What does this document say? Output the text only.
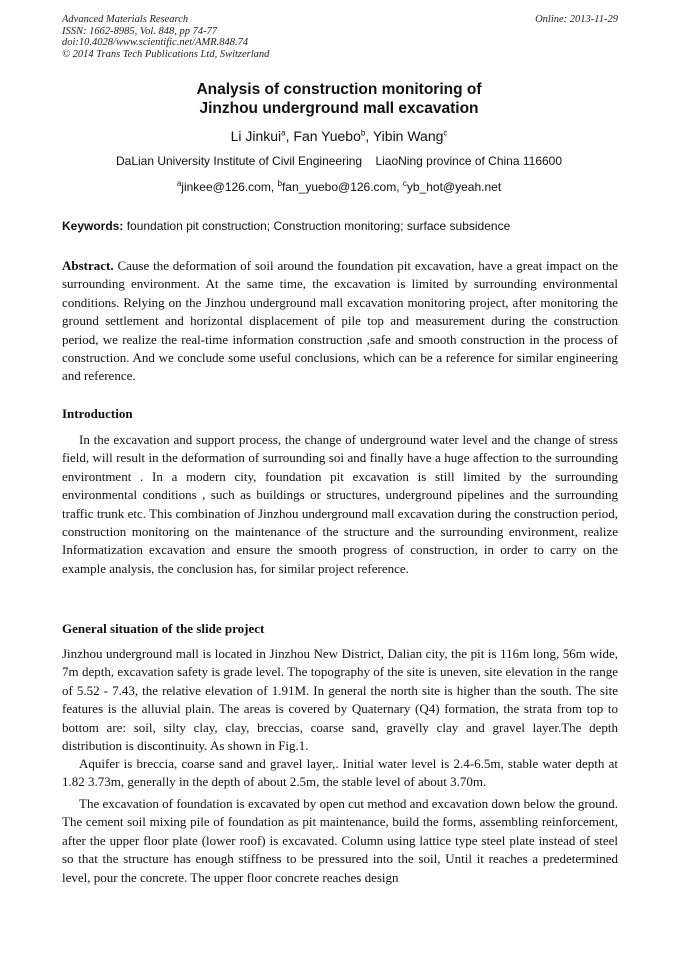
Advanced Materials Research
ISSN: 1662-8985, Vol. 848, pp 74-77
doi:10.4028/www.scientific.net/AMR.848.74
© 2014 Trans Tech Publications Ltd, Switzerland
Online: 2013-11-29
Analysis of construction monitoring of
Jinzhou underground mall excavation
Li Jinkui$^a$, Fan Yuebo$^b$, Yibin Wang$^c$
DaLian University Institute of Civil Engineering    LiaoNing province of China 116600
$^a$jinkee@126.com, $^b$fan_yuebo@126.com, $^c$yb_hot@yeah.net
Keywords: foundation pit construction; Construction monitoring; surface subsidence
Abstract. Cause the deformation of soil around the foundation pit excavation, have a great impact on the surrounding environment. At the same time, the excavation is limited by surrounding environmental conditions. Relying on the Jinzhou underground mall excavation monitoring project, after monitoring the ground settlement and horizontal displacement of pile top and measurement during the construction period, we realize the real-time information construction ,safe and smooth construction in the process of construction. And we conclude some useful conclusions, which can be a reference for similar engineering and reference.
Introduction
In the excavation and support process, the change of underground water level and the change of stress field, will result in the deformation of surrounding soi and finally have a huge affection to the surrounding environtment . In a modern city, foundation pit excavation is still limited by the surrounding environmental conditions , such as buildings or structures, underground pipelines and the surrounding traffic trunk etc. This combination of Jinzhou underground mall excavation during the construction period, construction monitoring on the maintenance of the structure and the surrounding environment, realize Informatization excavation and ensure the smooth progress of construction, in order to carry on the example analysis, the conclusion has, for similar project reference.
General situation of the slide project
Jinzhou underground mall is located in Jinzhou New District, Dalian city, the pit is 116m long, 56m wide, 7m depth, excavation safety is grade level. The topography of the site is uneven, site elevation in the range of 5.52 - 7.43, the relative elevation of 1.91M. In general the north site is higher than the south. The site features is the alluvial plain. The areas is covered by Quaternary (Q4) formation, the strata from top to bottom are: soil, silty clay, clay, breccias, coarse sand, gravelly clay and gravel layer.The depth distribution is discontinuity. As shown in Fig.1.
Aquifer is breccia, coarse sand and gravel layer,. Initial water level is 2.4-6.5m, stable water depth at 1.82 3.73m, generally in the depth of about 2.5m, the stable level of about 3.70m.
The excavation of foundation is excavated by open cut method and excavation down below the ground. The cement soil mixing pile of foundation as pit maintenance, build the forms, assembling reinforcement, after the upper floor plate (lower roof) is excavated. Column using lattice type steel plate instead of steel so that the structure has enough stiffness to be pressured into the soil, Until it reaches a predetermined level, pour the concrete. The upper floor concrete reaches design
